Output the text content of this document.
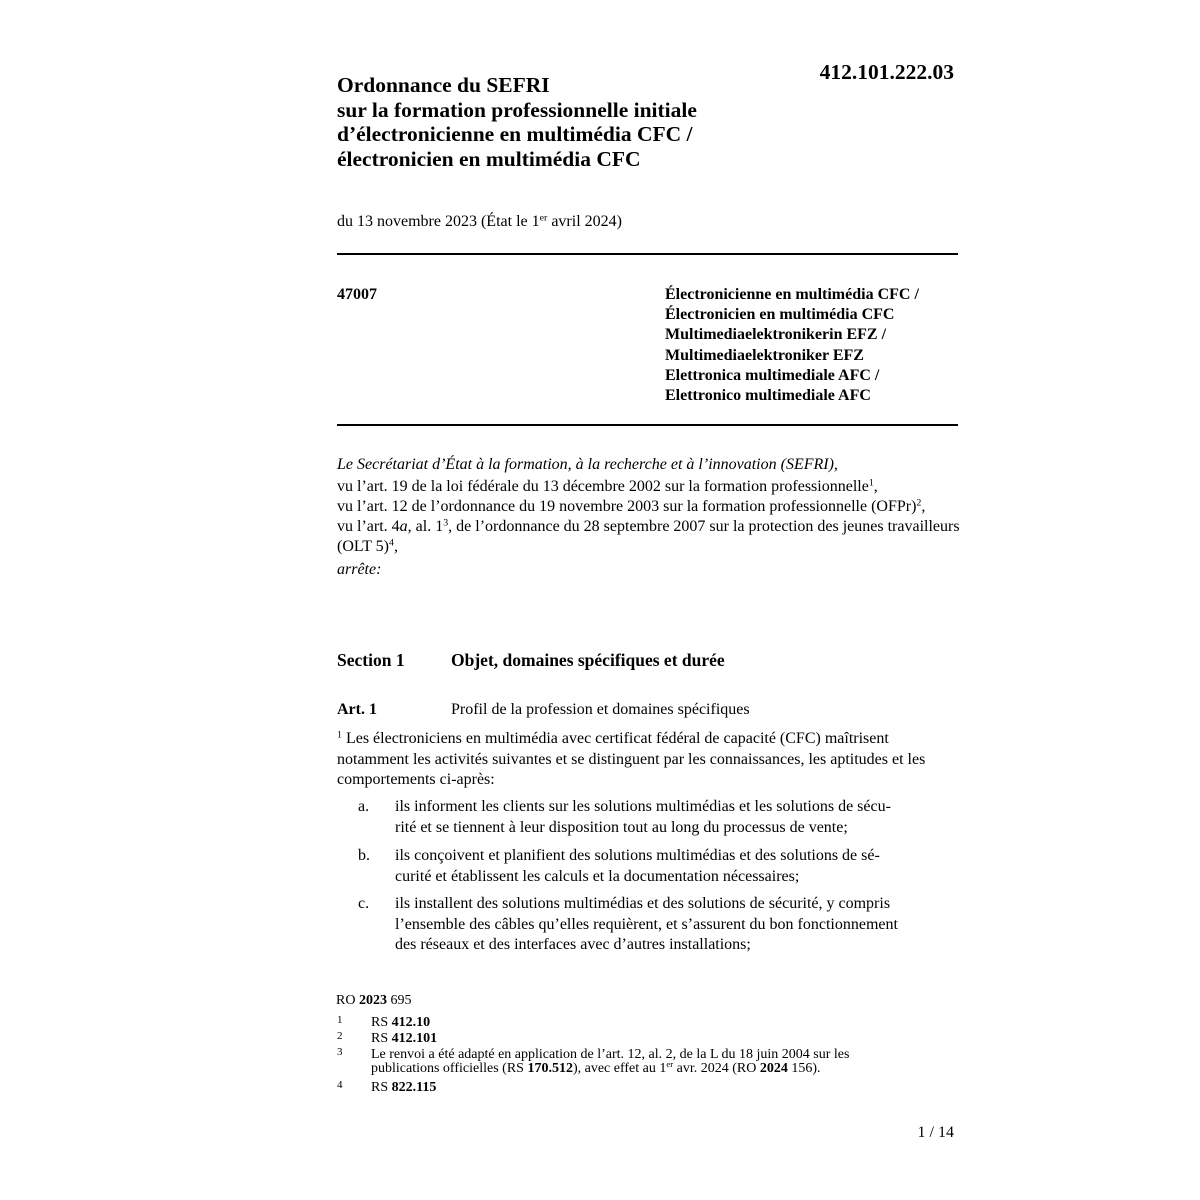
Ordonnance du SEFRI
sur la formation professionnelle initiale
d’électronicienne en multimédia CFC /
électronicien en multimédia CFC
412.101.222.03
du 13 novembre 2023 (État le 1er avril 2024)
47007	Électronicienne en multimédia CFC /
Électronicien en multimédia CFC
Multimediaelektronikerin EFZ /
Multimediaelektroniker EFZ
Elettronica multimediale AFC /
Elettronico multimediale AFC
Le Secrétariat d’État à la formation, à la recherche et à l’innovation (SEFRI),
vu l’art. 19 de la loi fédérale du 13 décembre 2002 sur la formation professionnelle$^1$,
vu l’art. 12 de l’ordonnance du 19 novembre 2003 sur la formation professionnelle (OFPr)$^2$,
vu l’art. 4a, al. $1^3$, de l’ordonnance du 28 septembre 2007 sur la protection des jeunes travailleurs (OLT 5)$^4$,
arrête:
Section 1	Objet, domaines spécifiques et durée
Art. 1	Profil de la profession et domaines spécifiques
$^1$ Les électroniciens en multimédia avec certificat fédéral de capacité (CFC) maîtrisent notamment les activités suivantes et se distinguent par les connaissances, les aptitudes et les comportements ci-après:
a. ils informent les clients sur les solutions multimédias et les solutions de sécu-
rité et se tiennent à leur disposition tout au long du processus de vente;
b. ils conçoivent et planifient des solutions multimédias et des solutions de sé-
curité et établissent les calculs et la documentation nécessaires;
c. ils installent des solutions multimédias et des solutions de sécurité, y compris
l’ensemble des câbles qu’elles requièrent, et s’assurent du bon fonctionnement
des réseaux et des interfaces avec d’autres installations;
RO 2023 695
1 RS 412.10
2 RS 412.101
3 Le renvoi a été adapté en application de l’art. 12, al. 2, de la L du 18 juin 2004 sur les
publications officielles (RS 170.512), avec effet au 1er avr. 2024 (RO 2024 156).
4 RS 822.115
1 / 14
